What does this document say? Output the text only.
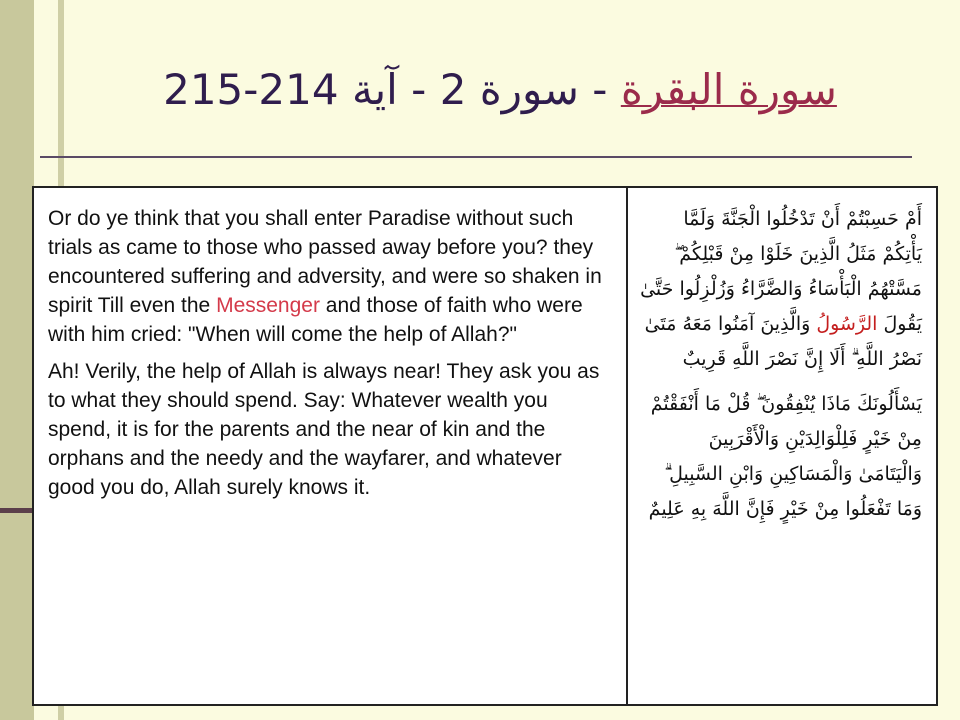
سورة البقرة - سورة 2 - آية 214-215

Or do ye think that you shall enter Paradise without such trials as came to those who passed away before you? they encountered suffering and adversity, and were so shaken in spirit Till even the Messenger and those of faith who were with him cried: "When will come the help of Allah?"

Ah! Verily, the help of Allah is always near! They ask you as to what they should spend. Say: Whatever wealth you spend, it is for the parents and the near of kin and the orphans and the needy and the wayfarer, and whatever good you do, Allah surely knows it.

أَمْ حَسِبْتُمْ أَنْ تَدْخُلُوا الْجَنَّةَ وَلَمَّا يَأْتِكُمْ مَثَلُ الَّذِينَ خَلَوْا مِنْ قَبْلِكُمْ ۖ مَسَّتْهُمُ الْبَأْسَاءُ وَالضَّرَّاءُ وَزُلْزِلُوا حَتَّىٰ يَقُولَ الرَّسُولُ وَالَّذِينَ آمَنُوا مَعَهُ مَتَىٰ نَصْرُ اللَّهِ ۗ أَلَا إِنَّ نَصْرَ اللَّهِ قَرِيبٌ

يَسْأَلُونَكَ مَاذَا يُنْفِقُونَ ۖ قُلْ مَا أَنْفَقْتُمْ مِنْ خَيْرٍ فَلِلْوَالِدَيْنِ وَالْأَقْرَبِينَ وَالْيَتَامَىٰ وَالْمَسَاكِينِ وَابْنِ السَّبِيلِ ۗ وَمَا تَفْعَلُوا مِنْ خَيْرٍ فَإِنَّ اللَّهَ بِهِ عَلِيمٌ
